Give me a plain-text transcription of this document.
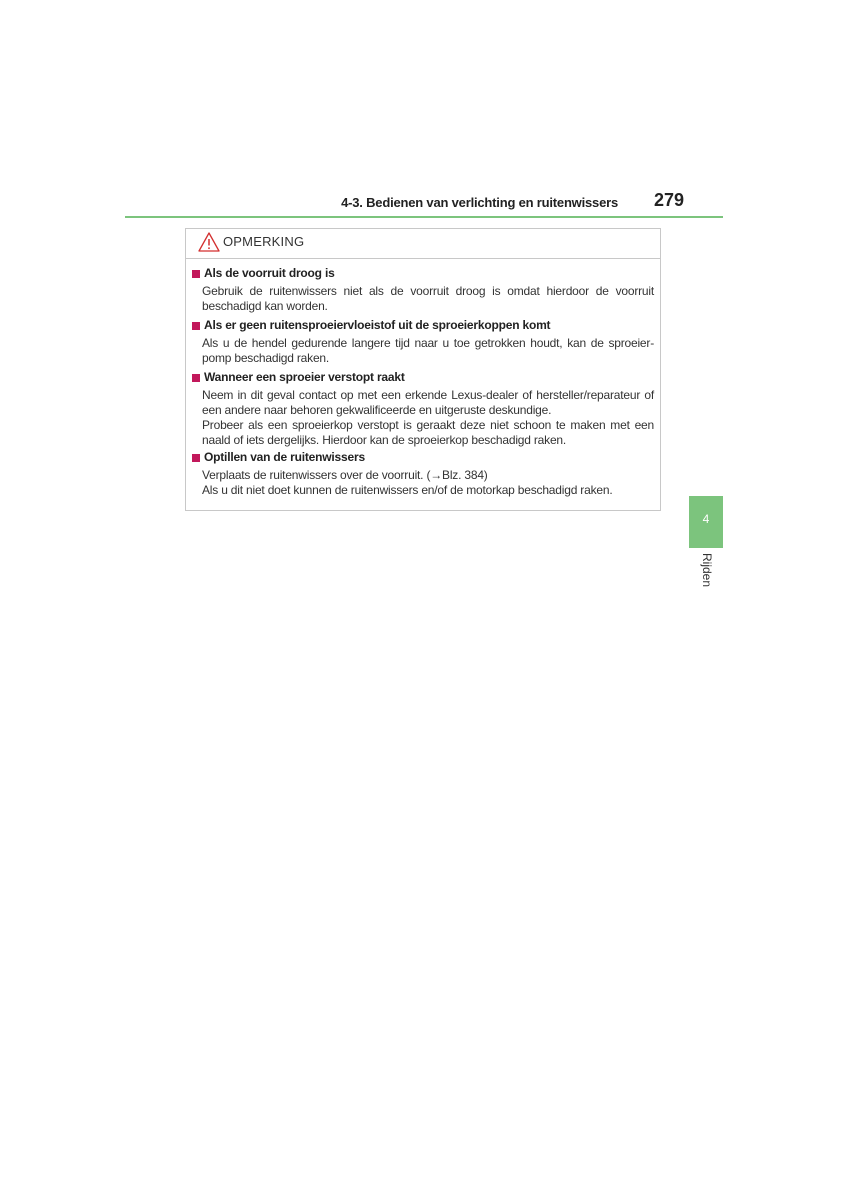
4-3. Bedienen van verlichting en ruitenwissers	279
OPMERKING
Als de voorruit droog is
Gebruik de ruitenwissers niet als de voorruit droog is omdat hierdoor de voorruit beschadigd kan worden.
Als er geen ruitensproeiervloeistof uit de sproeierkoppen komt
Als u de hendel gedurende langere tijd naar u toe getrokken houdt, kan de sproeier-pomp beschadigd raken.
Wanneer een sproeier verstopt raakt
Neem in dit geval contact op met een erkende Lexus-dealer of hersteller/reparateur of een andere naar behoren gekwalificeerde en uitgeruste deskundige.
Probeer als een sproeierkop verstopt is geraakt deze niet schoon te maken met een naald of iets dergelijks. Hierdoor kan de sproeierkop beschadigd raken.
Optillen van de ruitenwissers
Verplaats de ruitenwissers over de voorruit. (→Blz. 384)
Als u dit niet doet kunnen de ruitenwissers en/of de motorkap beschadigd raken.
4
Rijden
